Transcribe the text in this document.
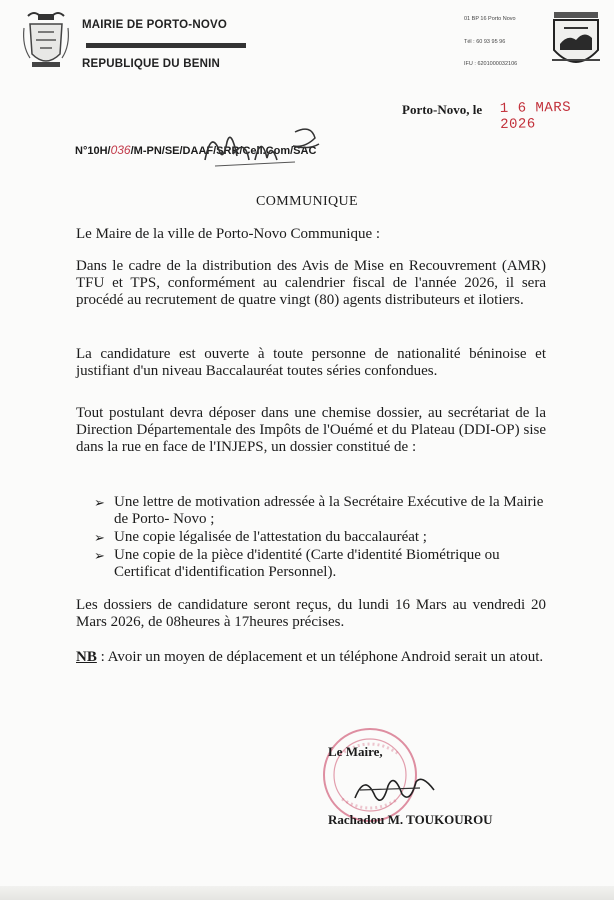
MAIRIE DE PORTO-NOVO
REPUBLIQUE DU BENIN
01 BP 16 Porto Novo
Tél : 60 93 95 96
IFU : 6201000032106
Porto-Novo, le 1 6 MARS 2026
N°10H/036/M-PN/SE/DAAF/SRR/Cell.Com/SAC
COMMUNIQUE

Le Maire de la ville de Porto-Novo Communique :

Dans le cadre de la distribution des Avis de Mise en Recouvrement (AMR) TFU et TPS, conformément au calendrier fiscal de l'année 2026, il sera procédé au recrutement de quatre vingt (80) agents distributeurs et ilotiers.

La candidature est ouverte à toute personne de nationalité béninoise et justifiant d'un niveau Baccalauréat toutes séries confondues.

Tout postulant devra déposer dans une chemise dossier, au secrétariat de la Direction Départementale des Impôts de l'Ouémé et du Plateau (DDI-OP) sise dans la rue en face de l'INJEPS, un dossier constitué de :

➢ Une lettre de motivation adressée à la Secrétaire Exécutive de la Mairie de Porto- Novo ;
➢ Une copie légalisée de l'attestation du baccalauréat ;
➢ Une copie de la pièce d'identité (Carte d'identité Biométrique ou Certificat d'identification Personnel).

Les dossiers de candidature seront reçus, du lundi 16 Mars au vendredi 20 Mars 2026, de 08heures à 17heures précises.

NB : Avoir un moyen de déplacement et un téléphone Android serait un atout.

Le Maire,
Rachadou M. TOUKOUROU
